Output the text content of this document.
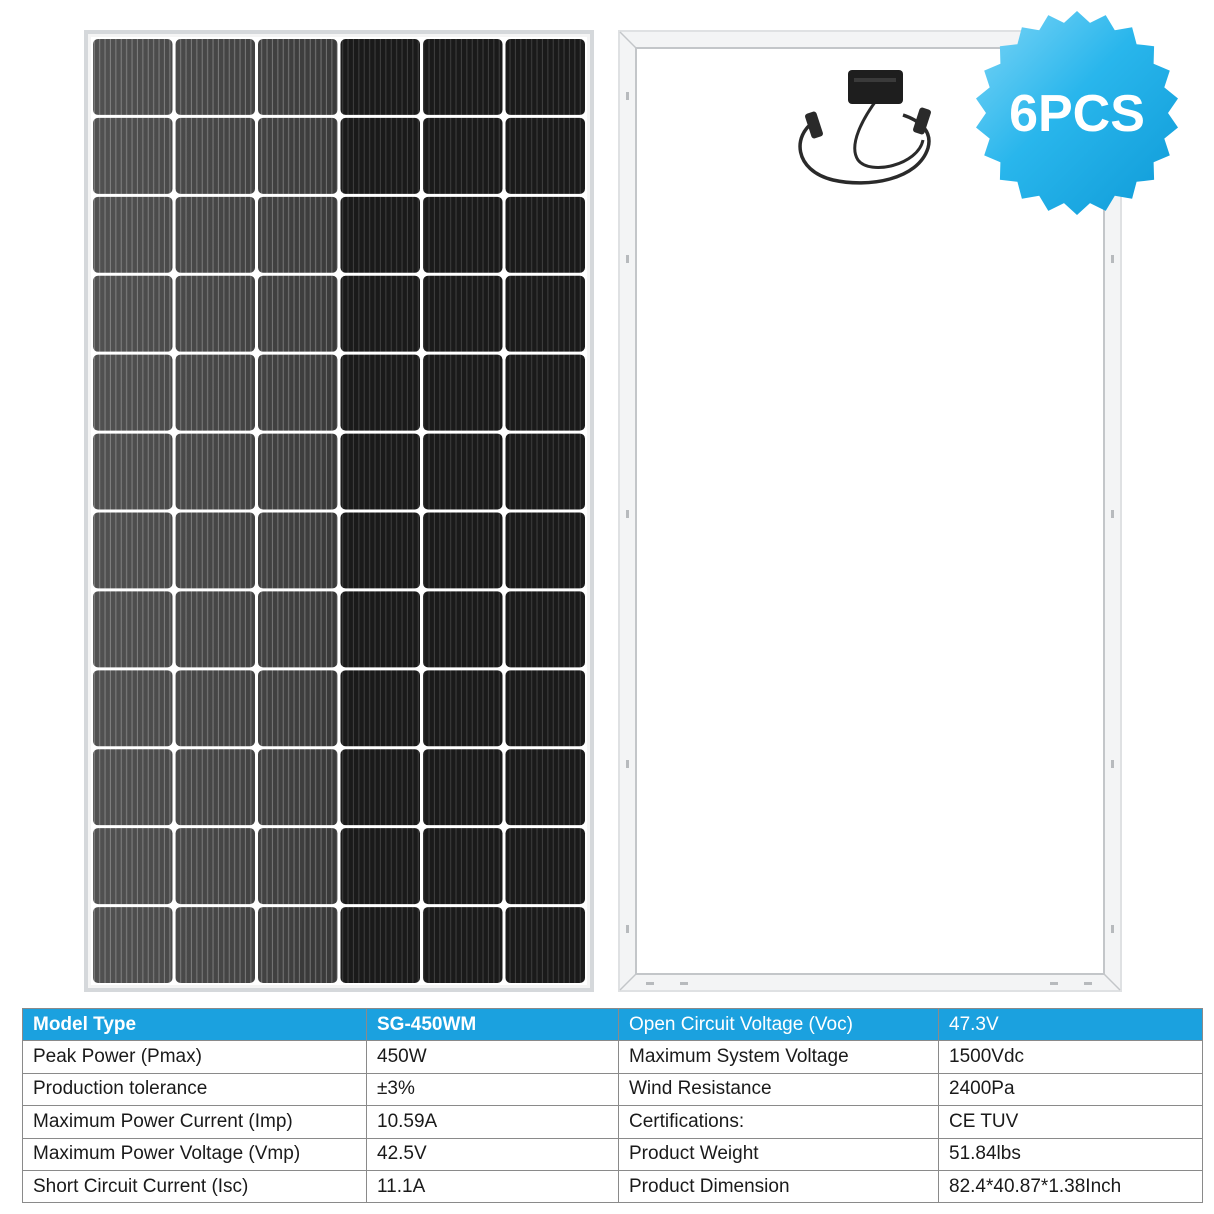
6PCS
Model Type	SG-450WM	Open Circuit Voltage (Voc)	47.3V
Peak Power (Pmax)	450W	Maximum System Voltage	1500Vdc
Production tolerance	±3%	Wind Resistance	2400Pa
Maximum Power Current (Imp)	10.59A	Certifications:	CE TUV
Maximum Power Voltage (Vmp)	42.5V	Product Weight	51.84lbs
Short Circuit Current (Isc)	11.1A	Product Dimension	82.4*40.87*1.38Inch
